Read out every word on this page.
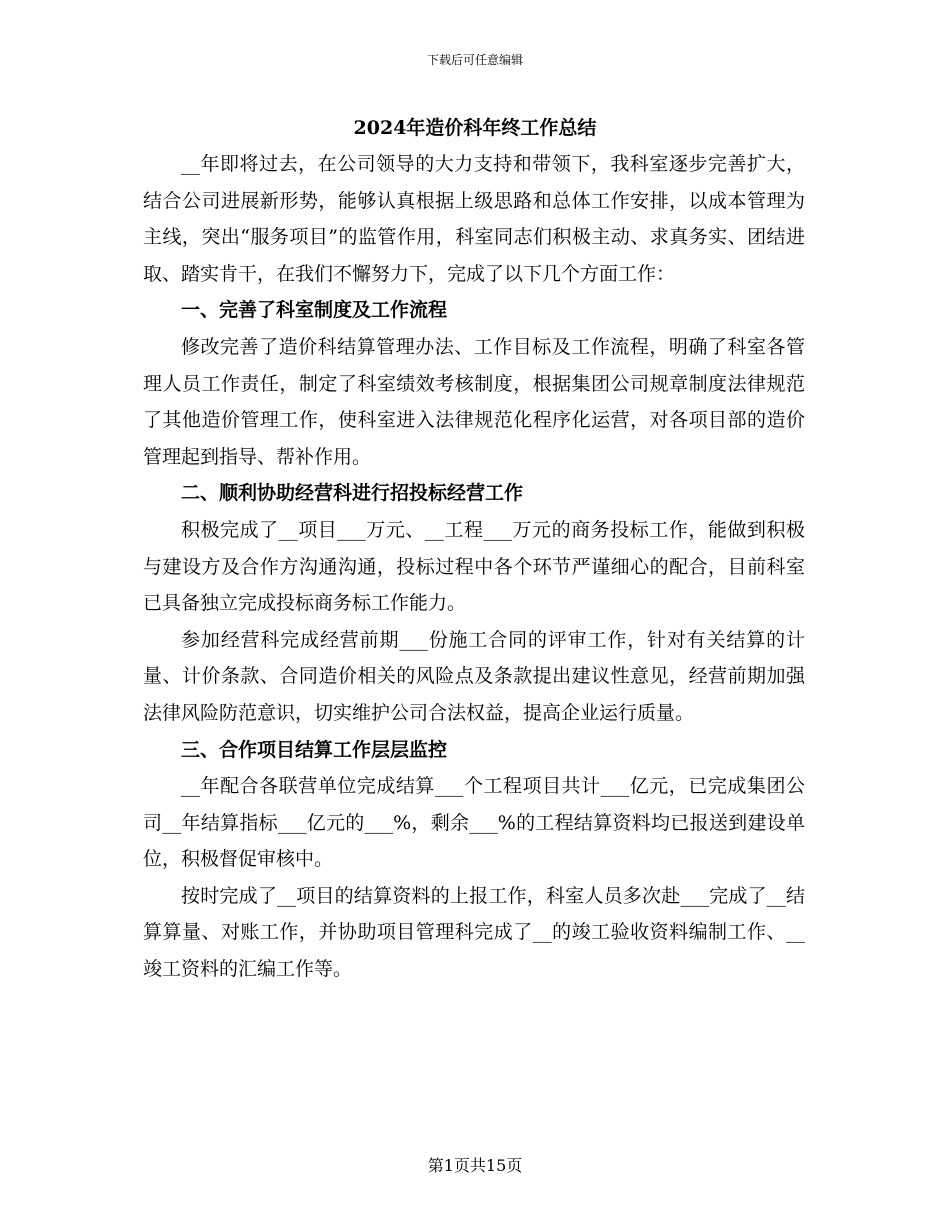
下载后可任意编辑
2024年造价科年终工作总结

__年即将过去，在公司领导的大力支持和带领下，我科室逐步完善扩大，结合公司进展新形势，能够认真根据上级思路和总体工作安排，以成本管理为主线，突出“服务项目”的监管作用，科室同志们积极主动、求真务实、团结进取、踏实肯干，在我们不懈努力下，完成了以下几个方面工作：

一、完善了科室制度及工作流程

修改完善了造价科结算管理办法、工作目标及工作流程，明确了科室各管理人员工作责任，制定了科室绩效考核制度，根据集团公司规章制度法律规范了其他造价管理工作，使科室进入法律规范化程序化运营，对各项目部的造价管理起到指导、帮补作用。

二、顺利协助经营科进行招投标经营工作

积极完成了__项目___万元、__工程___万元的商务投标工作，能做到积极与建设方及合作方沟通沟通，投标过程中各个环节严谨细心的配合，目前科室已具备独立完成投标商务标工作能力。

参加经营科完成经营前期___份施工合同的评审工作，针对有关结算的计量、计价条款、合同造价相关的风险点及条款提出建议性意见，经营前期加强法律风险防范意识，切实维护公司合法权益，提高企业运行质量。

三、合作项目结算工作层层监控

__年配合各联营单位完成结算___个工程项目共计___亿元，已完成集团公司__年结算指标___亿元的___%，剩余___%的工程结算资料均已报送到建设单位，积极督促审核中。

按时完成了__项目的结算资料的上报工作，科室人员多次赴___完成了__结算算量、对账工作，并协助项目管理科完成了__的竣工验收资料编制工作、__竣工资料的汇编工作等。

第1页共15页
